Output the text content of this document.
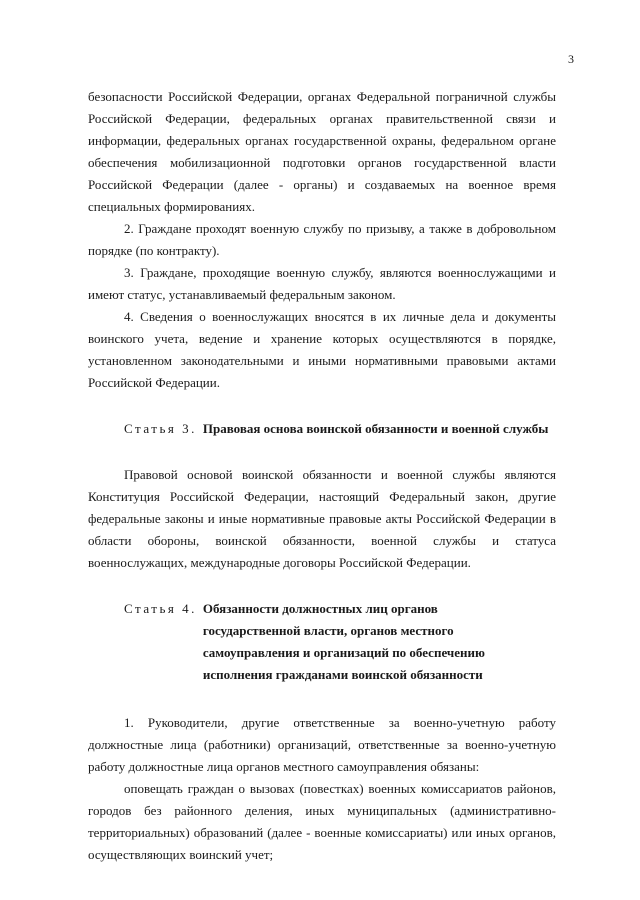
3

безопасности Российской Федерации, органах Федеральной пограничной службы Российской Федерации, федеральных органах правительственной связи и информации, федеральных органах государственной охраны, федеральном органе обеспечения мобилизационной подготовки органов государственной власти Российской Федерации (далее - органы) и создаваемых на военное время специальных формированиях.

2. Граждане проходят военную службу по призыву, а также в добровольном порядке (по контракту).

3. Граждане, проходящие военную службу, являются военнослужащими и имеют статус, устанавливаемый федеральным законом.

4. Сведения о военнослужащих вносятся в их личные дела и документы воинского учета, ведение и хранение которых осуществляются в порядке, установленном законодательными и иными нормативными правовыми актами Российской Федерации.

Статья 3. Правовая основа воинской обязанности и военной службы

Правовой основой воинской обязанности и военной службы являются Конституция Российской Федерации, настоящий Федеральный закон, другие федеральные законы и иные нормативные правовые акты Российской Федерации в области обороны, воинской обязанности, военной службы и статуса военнослужащих, международные договоры Российской Федерации.

Статья 4. Обязанности должностных лиц органов государственной власти, органов местного самоуправления и организаций по обеспечению исполнения гражданами воинской обязанности

1. Руководители, другие ответственные за военно-учетную работу должностные лица (работники) организаций, ответственные за военно-учетную работу должностные лица органов местного самоуправления обязаны:

оповещать граждан о вызовах (повестках) военных комиссариатов районов, городов без районного деления, иных муниципальных (административно-территориальных) образований (далее - военные комиссариаты) или иных органов, осуществляющих воинский учет;
